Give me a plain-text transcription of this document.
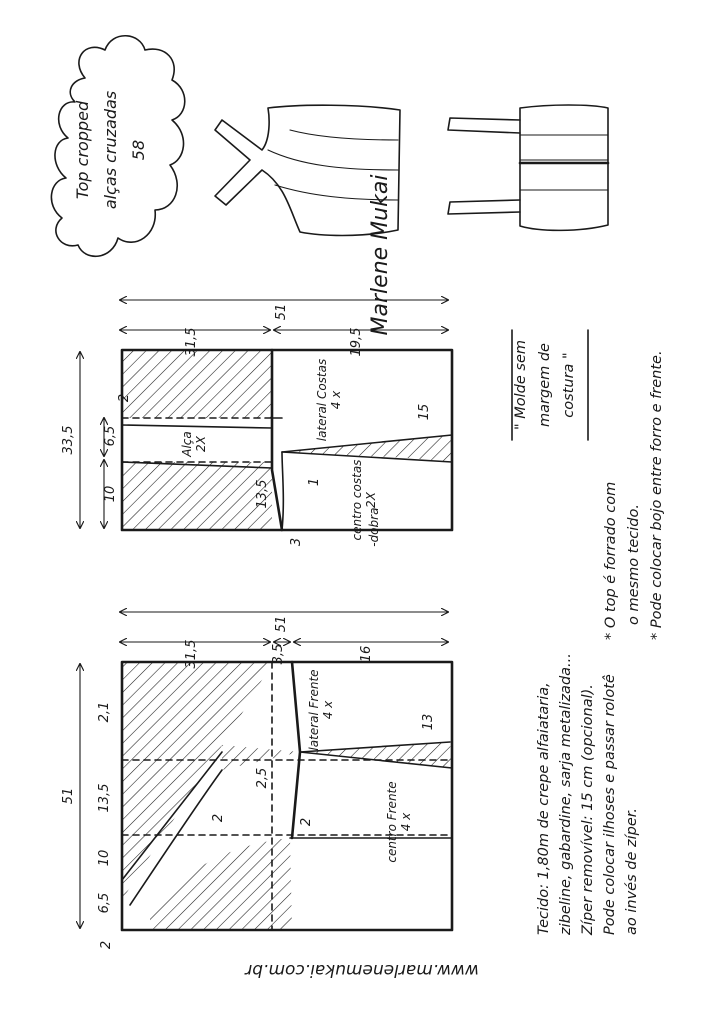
Top cropped alças cruzadas 58
Marlene Mukai
51
31,5	19,5
33,5 6,5
10
2
13,5
3
1
15
Alça 2X
lateral Costas 4 x
centro costas 2X
-dobra-
51
31,5	3,5	16
51
2,1
13,5
10
6,5
2
2
2,5
2
13
lateral Frente 4 x
centro Frente 4 x
" Molde sem margem de costura "
* O top é forrado com o mesmo tecido. * Pode colocar bojo entre forro e frente.
Tecido: 1,80m de crepe alfaiataria, zibeline, gabardine, sarja metalizada... Zíper removível: 15 cm (opcional). Pode colocar ilhoses e passar rolotê ao invés de zíper.
www.marlenemukai.com.br
